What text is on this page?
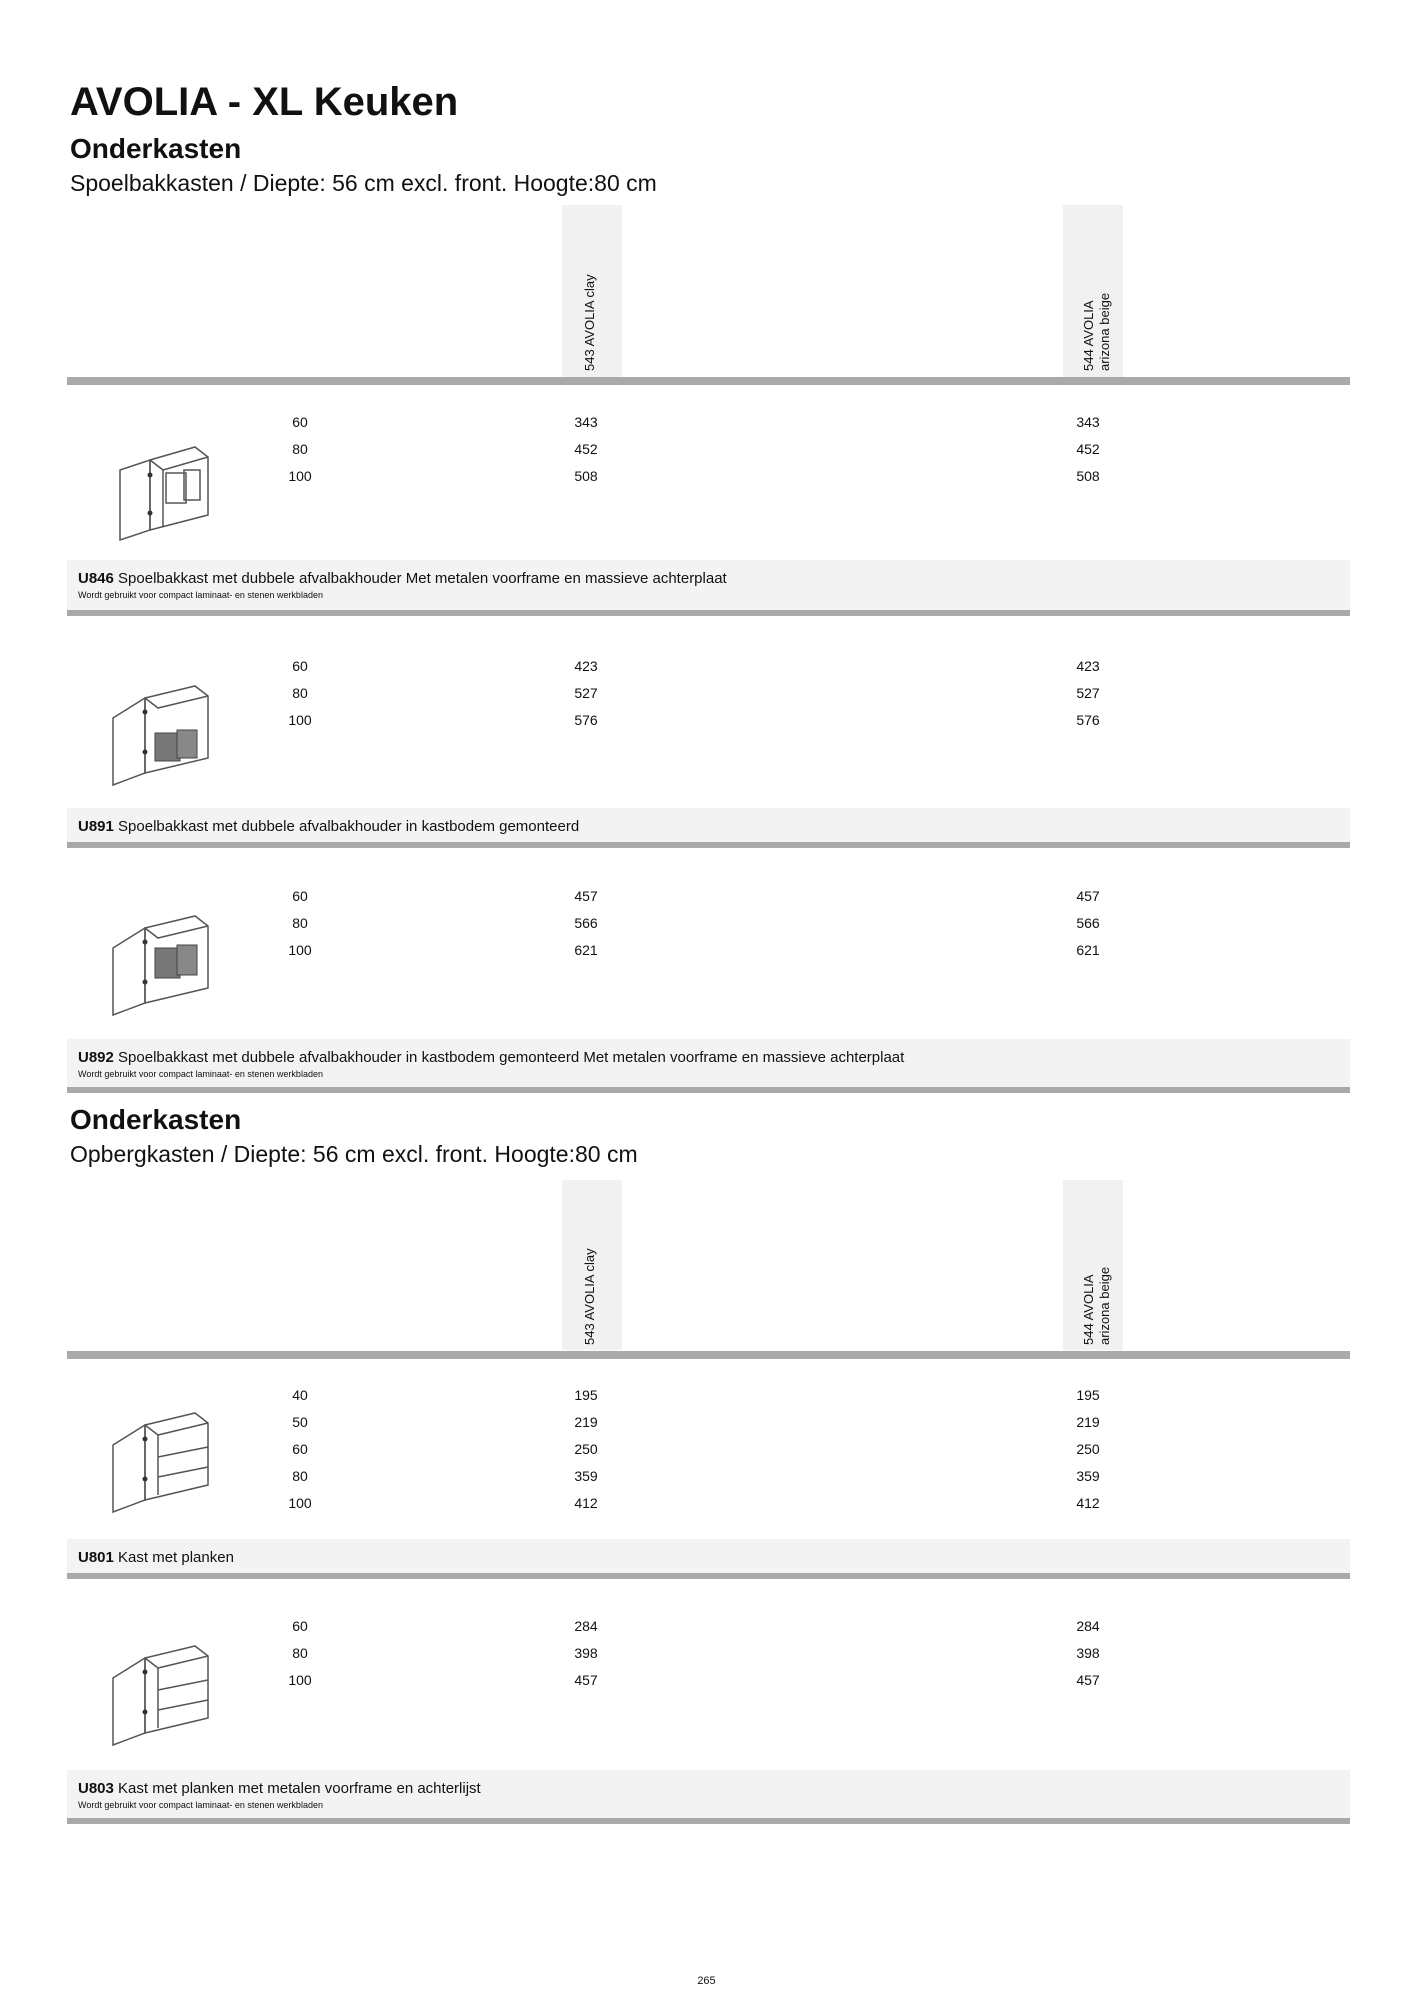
AVOLIA - XL Keuken
Onderkasten
Spoelbakkasten / Diepte: 56 cm excl. front. Hoogte:80 cm
543 AVOLIA clay	544 AVOLIA arizona beige
60	343	343
80	452	452
100	508	508
U846 Spoelbakkast met dubbele afvalbakhouder Met metalen voorframe en massieve achterplaat
Wordt gebruikt voor compact laminaat- en stenen werkbladen
60	423	423
80	527	527
100	576	576
U891 Spoelbakkast met dubbele afvalbakhouder in kastbodem gemonteerd
60	457	457
80	566	566
100	621	621
U892 Spoelbakkast met dubbele afvalbakhouder in kastbodem gemonteerd Met metalen voorframe en massieve achterplaat
Wordt gebruikt voor compact laminaat- en stenen werkbladen
Onderkasten
Opbergkasten / Diepte: 56 cm excl. front. Hoogte:80 cm
543 AVOLIA clay	544 AVOLIA arizona beige
40	195	195
50	219	219
60	250	250
80	359	359
100	412	412
U801 Kast met planken
60	284	284
80	398	398
100	457	457
U803 Kast met planken met metalen voorframe en achterlijst
Wordt gebruikt voor compact laminaat- en stenen werkbladen
265
